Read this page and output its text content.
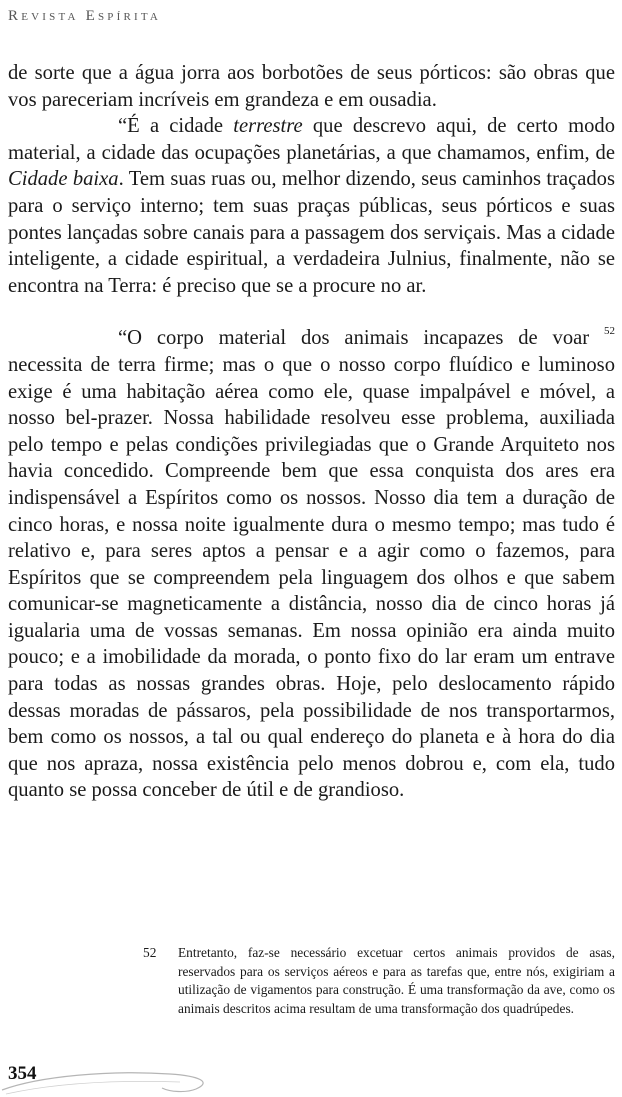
Revista Espírita

de sorte que a água jorra aos borbotões de seus pórticos: são obras que vos pareceriam incríveis em grandeza e em ousadia.

“É a cidade terrestre que descrevo aqui, de certo modo material, a cidade das ocupações planetárias, a que chamamos, enfim, de Cidade baixa. Tem suas ruas ou, melhor dizendo, seus caminhos traçados para o serviço interno; tem suas praças públicas, seus pórticos e suas pontes lançadas sobre canais para a passagem dos serviçais. Mas a cidade inteligente, a cidade espiritual, a verdadeira Julnius, finalmente, não se encontra na Terra: é preciso que se a procure no ar.

“O corpo material dos animais incapazes de voar $^{52}$ necessita de terra firme; mas o que o nosso corpo fluídico e luminoso exige é uma habitação aérea como ele, quase impalpável e móvel, a nosso bel-prazer. Nossa habilidade resolveu esse problema, auxiliada pelo tempo e pelas condições privilegiadas que o Grande Arquiteto nos havia concedido. Compreende bem que essa conquista dos ares era indispensável a Espíritos como os nossos. Nosso dia tem a duração de cinco horas, e nossa noite igualmente dura o mesmo tempo; mas tudo é relativo e, para seres aptos a pensar e a agir como o fazemos, para Espíritos que se compreendem pela linguagem dos olhos e que sabem comunicar-se magneticamente a distância, nosso dia de cinco horas já igualaria uma de vossas semanas. Em nossa opinião era ainda muito pouco; e a imobilidade da morada, o ponto fixo do lar eram um entrave para todas as nossas grandes obras. Hoje, pelo deslocamento rápido dessas moradas de pássaros, pela possibilidade de nos transportarmos, bem como os nossos, a tal ou qual endereço do planeta e à hora do dia que nos apraza, nossa existência pelo menos dobrou e, com ela, tudo quanto se possa conceber de útil e de grandioso.

52 Entretanto, faz-se necessário excetuar certos animais providos de asas, reservados para os serviços aéreos e para as tarefas que, entre nós, exigiriam a utilização de vigamentos para construção. É uma transformação da ave, como os animais descritos acima resultam de uma transformação dos quadrúpedes.
354
